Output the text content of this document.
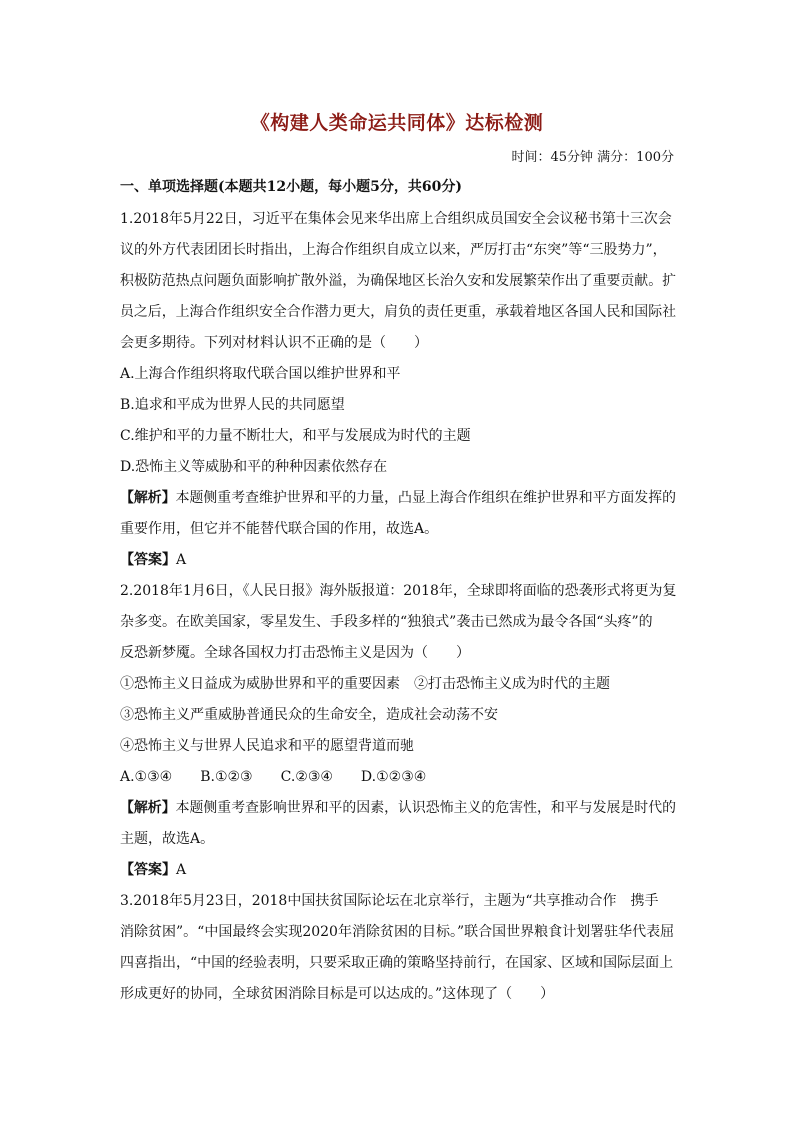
《构建人类命运共同体》达标检测
时间：45分钟 满分：100分
一、单项选择题(本题共12小题，每小题5分，共60分)
1.2018年5月22日，习近平在集体会见来华出席上合组织成员国安全会议秘书第十三次会
议的外方代表团团长时指出，上海合作组织自成立以来，严厉打击“东突”等“三股势力”，
积极防范热点问题负面影响扩散外溢，为确保地区长治久安和发展繁荣作出了重要贡献。扩
员之后，上海合作组织安全合作潜力更大，肩负的责任更重，承载着地区各国人民和国际社
会更多期待。下列对材料认识不正确的是（　　）
A.上海合作组织将取代联合国以维护世界和平
B.追求和平成为世界人民的共同愿望
C.维护和平的力量不断壮大，和平与发展成为时代的主题
D.恐怖主义等威胁和平的种种因素依然存在
【解析】本题侧重考查维护世界和平的力量，凸显上海合作组织在维护世界和平方面发挥的
重要作用，但它并不能替代联合国的作用，故选A。
【答案】A
2.2018年1月6日，《人民日报》海外版报道：2018年，全球即将面临的恐袭形式将更为复
杂多变。在欧美国家，零星发生、手段多样的“独狼式”袭击已然成为最令各国“头疼”的
反恐新梦魇。全球各国权力打击恐怖主义是因为（　　）
①恐怖主义日益成为威胁世界和平的重要因素　②打击恐怖主义成为时代的主题
③恐怖主义严重威胁普通民众的生命安全，造成社会动荡不安
④恐怖主义与世界人民追求和平的愿望背道而驰
A.①③④　　B.①②③　　C.②③④　　D.①②③④
【解析】本题侧重考查影响世界和平的因素，认识恐怖主义的危害性，和平与发展是时代的
主题，故选A。
【答案】A
3.2018年5月23日，2018中国扶贫国际论坛在北京举行，主题为“共享推动合作　携手
消除贫困”。“中国最终会实现2020年消除贫困的目标。”联合国世界粮食计划署驻华代表屈
四喜指出，“中国的经验表明，只要采取正确的策略坚持前行，在国家、区域和国际层面上
形成更好的协同，全球贫困消除目标是可以达成的。”这体现了（　　）
